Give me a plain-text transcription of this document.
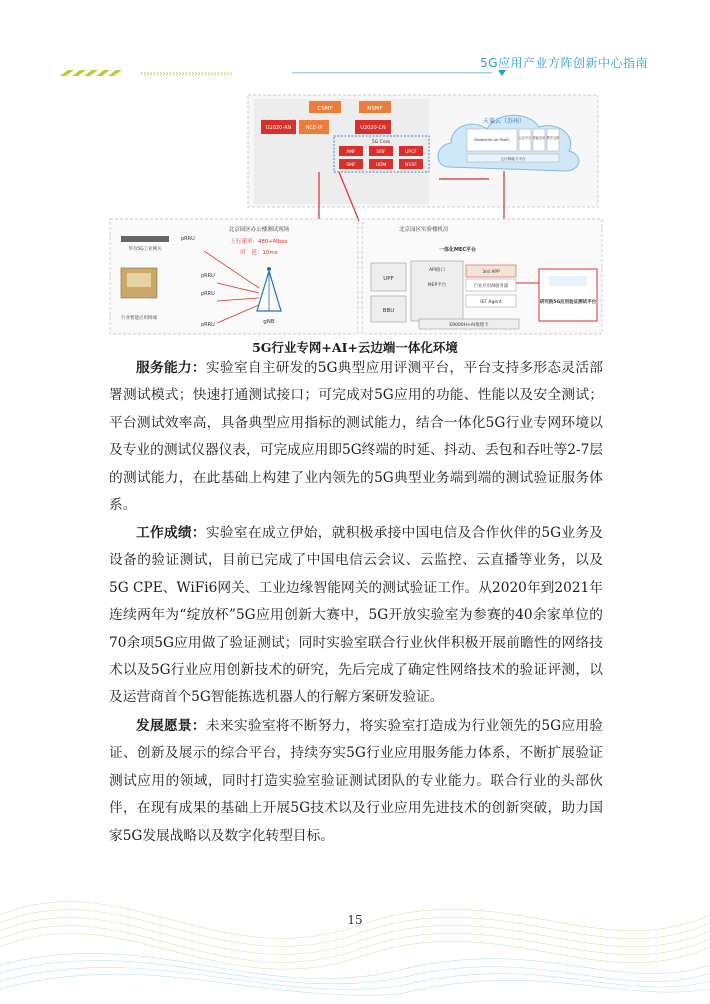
›››››››››››››››››››››››››››››
5G应用产业方阵创新中心指南
CSMF	NSMF
U2020-AN	NCE-IP	U2020-CN
5G Core
AMF	NRF	UPCF
SMF	UDM	NSSF
天翼云（苏州）
ModelArts (AI PaaS)	云边平台 智能应用 算法仓库
云计算能力平台
北京园区办公楼测试现场
上行速率：480+Mbps
时　延：10ms
华为5G工业网关
行业智能应用终端
pRRU
pRRU
pRRU
pRRU	gNB
北京园区实验楼机房
一体化MEC平台
UPF
BBU
API接口
MEP平台
3rd APP
行业应用AI服务器
IEF Agent
E9000H+AI推理卡
研究院5G应用验证测试平台
5G行业专网+AI+云边端一体化环境

服务能力：实验室自主研发的5G典型应用评测平台，平台支持多形态灵活部署测试模式；快速打通测试接口；可完成对5G应用的功能、性能以及安全测试；平台测试效率高，具备典型应用指标的测试能力，结合一体化5G行业专网环境以及专业的测试仪器仪表，可完成应用即5G终端的时延、抖动、丢包和吞吐等2-7层的测试能力，在此基础上构建了业内领先的5G典型业务端到端的测试验证服务体系。

工作成绩：实验室在成立伊始，就积极承接中国电信及合作伙伴的5G业务及设备的验证测试，目前已完成了中国电信云会议、云监控、云直播等业务，以及5G CPE、WiFi6网关、工业边缘智能网关的测试验证工作。从2020年到2021年连续两年为“绽放杯”5G应用创新大赛中，5G开放实验室为参赛的40余家单位的70余项5G应用做了验证测试；同时实验室联合行业伙伴积极开展前瞻性的网络技术以及5G行业应用创新技术的研究，先后完成了确定性网络技术的验证评测，以及运营商首个5G智能拣选机器人的行解方案研发验证。

发展愿景：未来实验室将不断努力，将实验室打造成为行业领先的5G应用验证、创新及展示的综合平台，持续夯实5G行业应用服务能力体系，不断扩展验证测试应用的领域，同时打造实验室验证测试团队的专业能力。联合行业的头部伙伴，在现有成果的基础上开展5G技术以及行业应用先进技术的创新突破，助力国家5G发展战略以及数字化转型目标。

15
